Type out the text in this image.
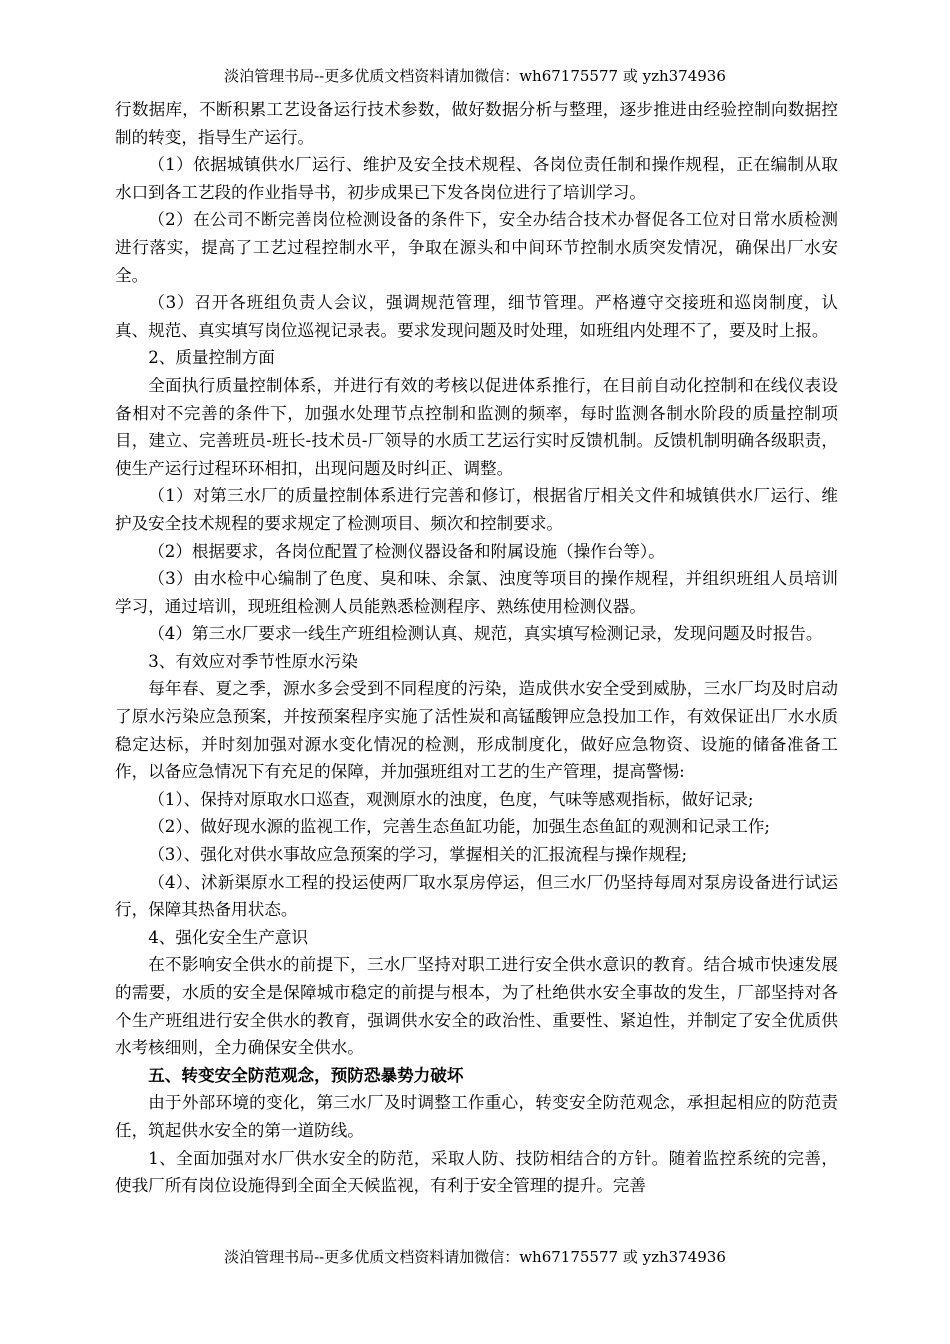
淡泊管理书局--更多优质文档资料请加微信：wh67175577 或 yzh374936

行数据库，不断积累工艺设备运行技术参数，做好数据分析与整理，逐步推进由经验控制向数据控制的转变，指导生产运行。

（1）依据城镇供水厂运行、维护及安全技术规程、各岗位责任制和操作规程，正在编制从取水口到各工艺段的作业指导书，初步成果已下发各岗位进行了培训学习。

（2）在公司不断完善岗位检测设备的条件下，安全办结合技术办督促各工位对日常水质检测进行落实，提高了工艺过程控制水平，争取在源头和中间环节控制水质突发情况，确保出厂水安全。

（3）召开各班组负责人会议，强调规范管理，细节管理。严格遵守交接班和巡岗制度，认真、规范、真实填写岗位巡视记录表。要求发现问题及时处理，如班组内处理不了，要及时上报。

2、质量控制方面

全面执行质量控制体系，并进行有效的考核以促进体系推行，在目前自动化控制和在线仪表设备相对不完善的条件下，加强水处理节点控制和监测的频率，每时监测各制水阶段的质量控制项目，建立、完善班员-班长-技术员-厂领导的水质工艺运行实时反馈机制。反馈机制明确各级职责，使生产运行过程环环相扣，出现问题及时纠正、调整。

（1）对第三水厂的质量控制体系进行完善和修订，根据省厅相关文件和城镇供水厂运行、维护及安全技术规程的要求规定了检测项目、频次和控制要求。

（2）根据要求，各岗位配置了检测仪器设备和附属设施（操作台等）。

（3）由水检中心编制了色度、臭和味、余氯、浊度等项目的操作规程，并组织班组人员培训学习，通过培训，现班组检测人员能熟悉检测程序、熟练使用检测仪器。

（4）第三水厂要求一线生产班组检测认真、规范，真实填写检测记录，发现问题及时报告。

3、有效应对季节性原水污染

每年春、夏之季，源水多会受到不同程度的污染，造成供水安全受到威胁，三水厂均及时启动了原水污染应急预案，并按预案程序实施了活性炭和高锰酸钾应急投加工作，有效保证出厂水水质稳定达标，并时刻加强对源水变化情况的检测，形成制度化，做好应急物资、设施的储备准备工作，以备应急情况下有充足的保障，并加强班组对工艺的生产管理，提高警惕:

（1）、保持对原取水口巡查，观测原水的浊度，色度，气味等感观指标，做好记录;

（2）、做好现水源的监视工作，完善生态鱼缸功能，加强生态鱼缸的观测和记录工作;

（3）、强化对供水事故应急预案的学习，掌握相关的汇报流程与操作规程;

（4）、沭新渠原水工程的投运使两厂取水泵房停运，但三水厂仍坚持每周对泵房设备进行试运行，保障其热备用状态。

4、强化安全生产意识

在不影响安全供水的前提下，三水厂坚持对职工进行安全供水意识的教育。结合城市快速发展的需要，水质的安全是保障城市稳定的前提与根本，为了杜绝供水安全事故的发生，厂部坚持对各个生产班组进行安全供水的教育，强调供水安全的政治性、重要性、紧迫性，并制定了安全优质供水考核细则，全力确保安全供水。

五、转变安全防范观念，预防恐暴势力破坏

由于外部环境的变化，第三水厂及时调整工作重心，转变安全防范观念，承担起相应的防范责任，筑起供水安全的第一道防线。

1、全面加强对水厂供水安全的防范，采取人防、技防相结合的方针。随着监控系统的完善，使我厂所有岗位设施得到全面全天候监视，有利于安全管理的提升。完善

淡泊管理书局--更多优质文档资料请加微信：wh67175577 或 yzh374936
